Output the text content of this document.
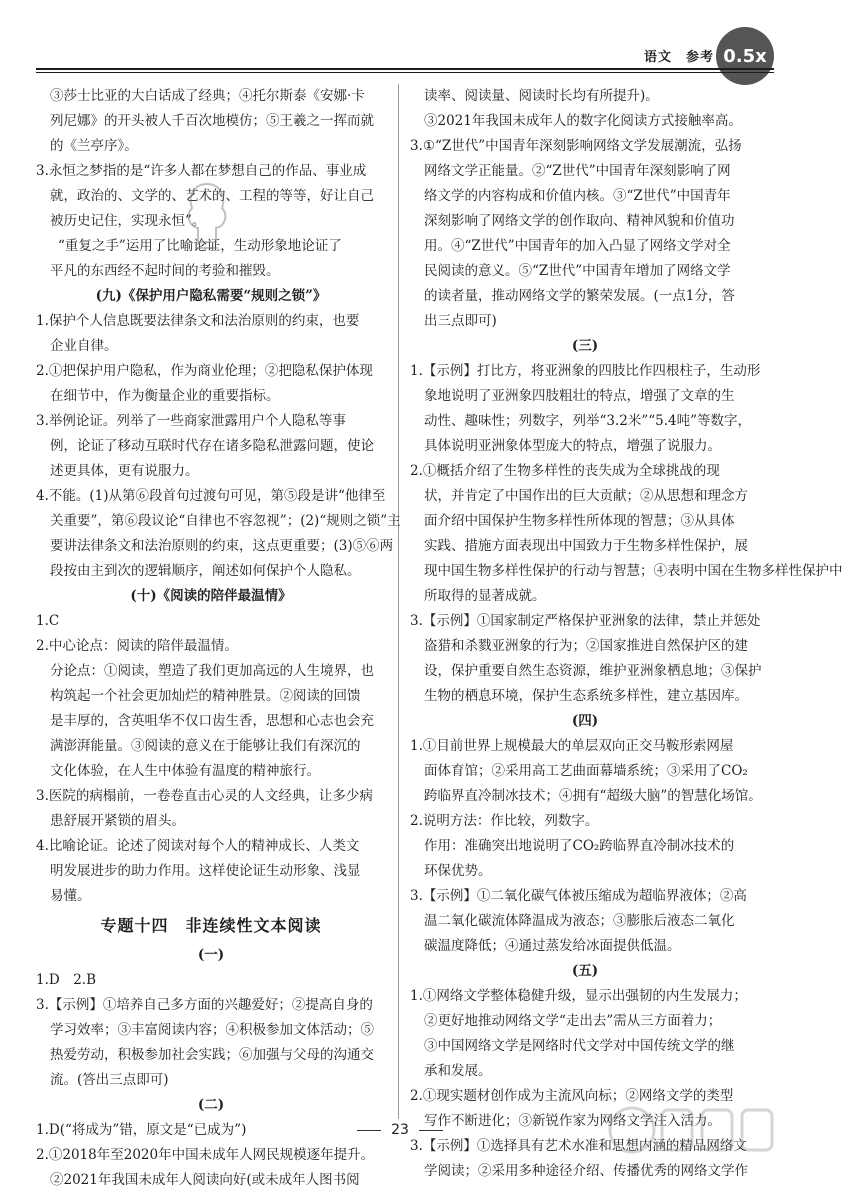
语文　 参考 0.5x
③莎士比亚的大白话成了经典；④托尔斯泰《安娜·卡
列尼娜》的开头被人千百次地模仿；⑤王羲之一挥而就
的《兰亭序》。
3.永恒之梦指的是“许多人都在梦想自己的作品、事业成
就，政治的、文学的、艺术的、工程的等等，好让自己
被历史记住，实现永恒”。
“重复之手”运用了比喻论证，生动形象地论证了
平凡的东西经不起时间的考验和摧毁。
(九)《保护用户隐私需要“规则之锁”》
1.保护个人信息既要法律条文和法治原则的约束，也要
企业自律。
2.①把保护用户隐私，作为商业伦理；②把隐私保护体现
在细节中，作为衡量企业的重要指标。
3.举例论证。列举了一些商家泄露用户个人隐私等事
例，论证了移动互联时代存在诸多隐私泄露问题，使论
述更具体，更有说服力。
4.不能。(1)从第⑥段首句过渡句可见，第⑤段是讲“他律至
关重要”，第⑥段议论“自律也不容忽视”；(2)“规则之锁”主
要讲法律条文和法治原则的约束，这点更重要；(3)⑤⑥两
段按由主到次的逻辑顺序，阐述如何保护个人隐私。
(十)《阅读的陪伴最温情》
1.C
2.中心论点：阅读的陪伴最温情。
分论点：①阅读，塑造了我们更加高远的人生境界，也
构筑起一个社会更加灿烂的精神胜景。②阅读的回馈
是丰厚的，含英咀华不仅口齿生香，思想和心志也会充
满澎湃能量。③阅读的意义在于能够让我们有深沉的
文化体验，在人生中体验有温度的精神旅行。
3.医院的病榻前，一卷卷直击心灵的人文经典，让多少病
患舒展开紧锁的眉头。
4.比喻论证。论述了阅读对每个人的精神成长、人类文
明发展进步的助力作用。这样使论证生动形象、浅显
易懂。
专题十四　非连续性文本阅读
(一)
1.D　2.B
3.【示例】①培养自己多方面的兴趣爱好；②提高自身的
学习效率；③丰富阅读内容；④积极参加文体活动；⑤
热爱劳动，积极参加社会实践；⑥加强与父母的沟通交
流。(答出三点即可)
(二)
1.D(“将成为”错，原文是“已成为”)
2.①2018年至2020年中国未成年人网民规模逐年提升。
②2021年我国未成年人阅读向好(或未成年人图书阅
读率、阅读量、阅读时长均有所提升)。
③2021年我国未成年人的数字化阅读方式接触率高。
3.①“Z世代”中国青年深刻影响网络文学发展潮流，弘扬
网络文学正能量。②“Z世代”中国青年深刻影响了网
络文学的内容构成和价值内核。③“Z世代”中国青年
深刻影响了网络文学的创作取向、精神风貌和价值功
用。④“Z世代”中国青年的加入凸显了网络文学对全
民阅读的意义。⑤“Z世代”中国青年增加了网络文学
的读者量，推动网络文学的繁荣发展。(一点1分，答
出三点即可)
(三)
1.【示例】打比方，将亚洲象的四肢比作四根柱子，生动形
象地说明了亚洲象四肢粗壮的特点，增强了文章的生
动性、趣味性；列数字，列举“3.2米”“5.4吨”等数字，
具体说明亚洲象体型庞大的特点，增强了说服力。
2.①概括介绍了生物多样性的丧失成为全球挑战的现
状，并肯定了中国作出的巨大贡献；②从思想和理念方
面介绍中国保护生物多样性所体现的智慧；③从具体
实践、措施方面表现出中国致力于生物多样性保护，展
现中国生物多样性保护的行动与智慧；④表明中国在生物多样性保护中
所取得的显著成就。
3.【示例】①国家制定严格保护亚洲象的法律，禁止并惩处
盗猎和杀戮亚洲象的行为；②国家推进自然保护区的建
设，保护重要自然生态资源，维护亚洲象栖息地；③保护
生物的栖息环境，保护生态系统多样性，建立基因库。
(四)
1.①目前世界上规模最大的单层双向正交马鞍形索网屋
面体育馆；②采用高工艺曲面幕墙系统；③采用了CO₂
跨临界直冷制冰技术；④拥有“超级大脑”的智慧化场馆。
2.说明方法：作比较，列数字。
作用：准确突出地说明了CO₂跨临界直冷制冰技术的
环保优势。
3.【示例】①二氧化碳气体被压缩成为超临界液体；②高
温二氧化碳流体降温成为液态；③膨胀后液态二氧化
碳温度降低；④通过蒸发给冰面提供低温。
(五)
1.①网络文学整体稳健升级，显示出强韧的内生发展力；
②更好地推动网络文学“走出去”需从三方面着力；
③中国网络文学是网络时代文学对中国传统文学的继
承和发展。
2.①现实题材创作成为主流风向标；②网络文学的类型
写作不断进化；③新锐作家为网络文学注入活力。
3.【示例】①选择具有艺术水准和思想内涵的精品网络文
学阅读；②采用多种途径介绍、传播优秀的网络文学作
23
